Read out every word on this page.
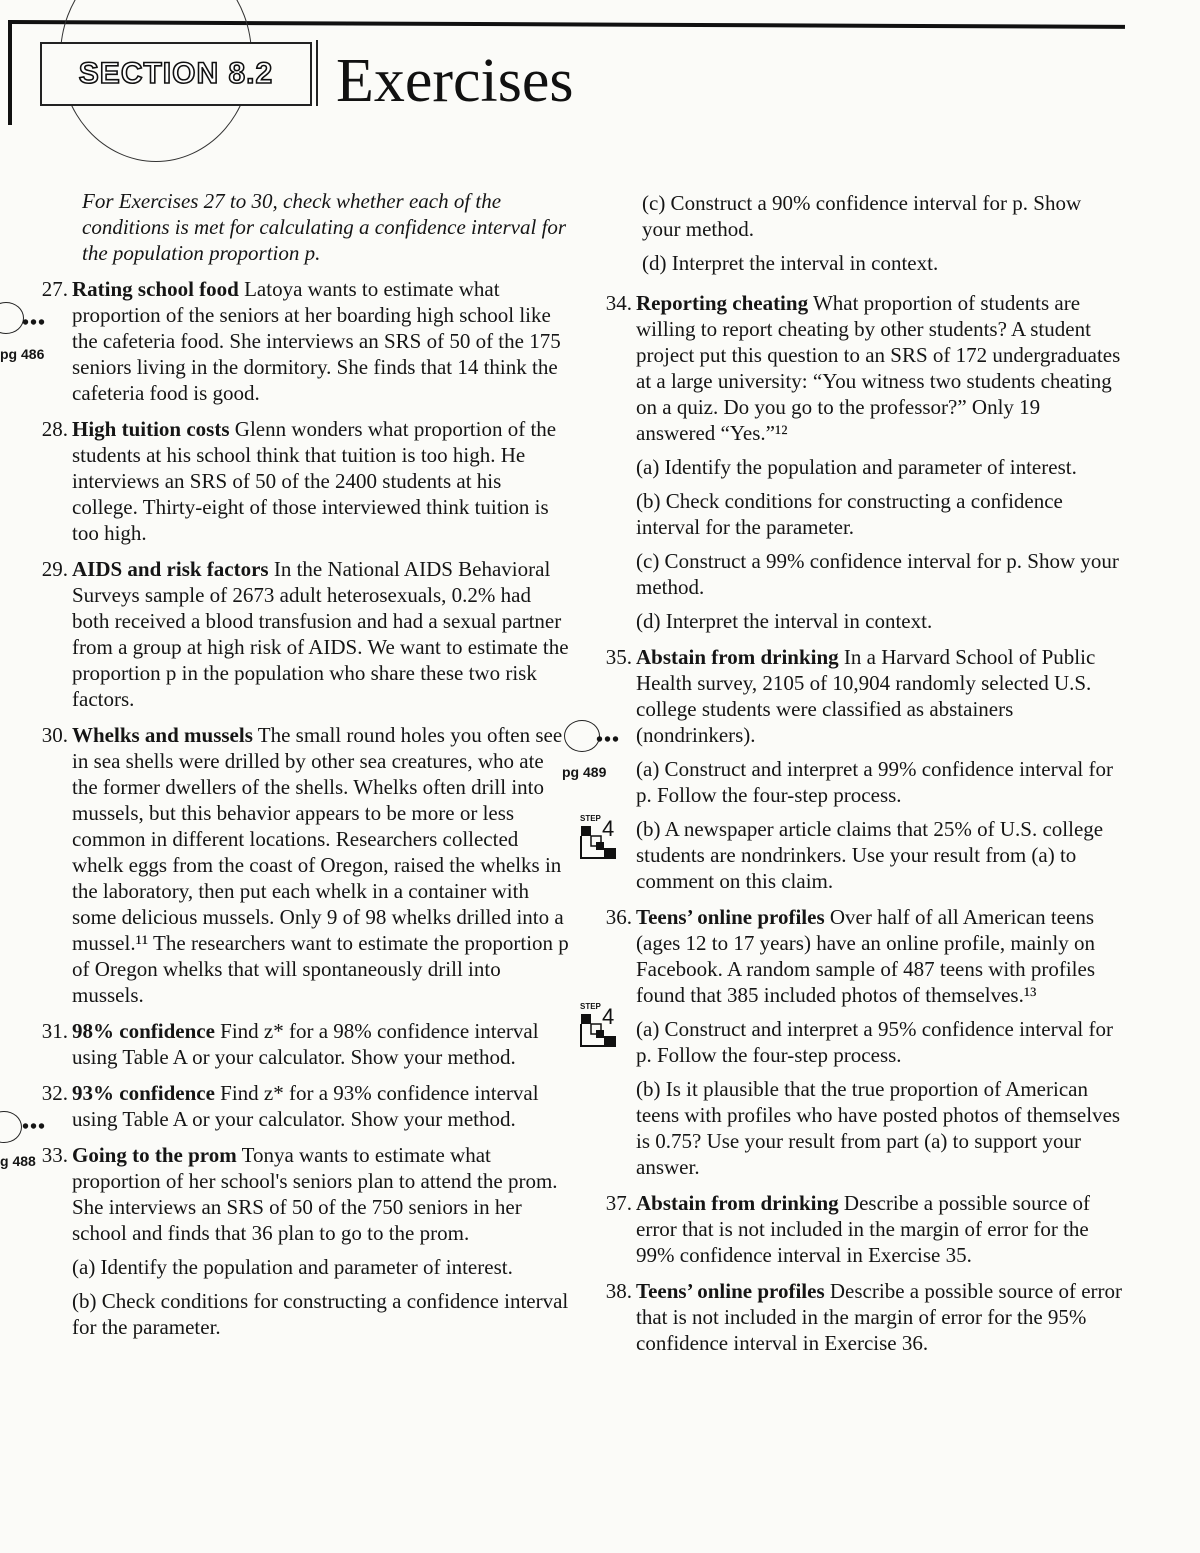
SECTION 8.2 Exercises
•••
pg 486
•••
g 488
•••
pg 489
STEP 4
STEP 4
For Exercises 27 to 30, check whether each of the conditions is met for calculating a confidence interval for the population proportion p.
27. Rating school food Latoya wants to estimate what proportion of the seniors at her boarding high school like the cafeteria food. She interviews an SRS of 50 of the 175 seniors living in the dormitory. She finds that 14 think the cafeteria food is good.
28. High tuition costs Glenn wonders what proportion of the students at his school think that tuition is too high. He interviews an SRS of 50 of the 2400 students at his college. Thirty-eight of those interviewed think tuition is too high.
29. AIDS and risk factors In the National AIDS Behavioral Surveys sample of 2673 adult heterosexuals, 0.2% had both received a blood transfusion and had a sexual partner from a group at high risk of AIDS. We want to estimate the proportion p in the population who share these two risk factors.
30. Whelks and mussels The small round holes you often see in sea shells were drilled by other sea creatures, who ate the former dwellers of the shells. Whelks often drill into mussels, but this behavior appears to be more or less common in different locations. Researchers collected whelk eggs from the coast of Oregon, raised the whelks in the laboratory, then put each whelk in a container with some delicious mussels. Only 9 of 98 whelks drilled into a mussel.¹¹ The researchers want to estimate the proportion p of Oregon whelks that will spontaneously drill into mussels.
31. 98% confidence Find z* for a 98% confidence interval using Table A or your calculator. Show your method.
32. 93% confidence Find z* for a 93% confidence interval using Table A or your calculator. Show your method.
33. Going to the prom Tonya wants to estimate what proportion of her school's seniors plan to attend the prom. She interviews an SRS of 50 of the 750 seniors in her school and finds that 36 plan to go to the prom.
(a) Identify the population and parameter of interest.
(b) Check conditions for constructing a confidence interval for the parameter.
(c) Construct a 90% confidence interval for p. Show your method.
(d) Interpret the interval in context.
34. Reporting cheating What proportion of students are willing to report cheating by other students? A student project put this question to an SRS of 172 undergraduates at a large university: “You witness two students cheating on a quiz. Do you go to the professor?” Only 19 answered “Yes.”¹²
(a) Identify the population and parameter of interest.
(b) Check conditions for constructing a confidence interval for the parameter.
(c) Construct a 99% confidence interval for p. Show your method.
(d) Interpret the interval in context.
35. Abstain from drinking In a Harvard School of Public Health survey, 2105 of 10,904 randomly selected U.S. college students were classified as abstainers (nondrinkers).
(a) Construct and interpret a 99% confidence interval for p. Follow the four-step process.
(b) A newspaper article claims that 25% of U.S. college students are nondrinkers. Use your result from (a) to comment on this claim.
36. Teens’ online profiles Over half of all American teens (ages 12 to 17 years) have an online profile, mainly on Facebook. A random sample of 487 teens with profiles found that 385 included photos of themselves.¹³
(a) Construct and interpret a 95% confidence interval for p. Follow the four-step process.
(b) Is it plausible that the true proportion of American teens with profiles who have posted photos of themselves is 0.75? Use your result from part (a) to support your answer.
37. Abstain from drinking Describe a possible source of error that is not included in the margin of error for the 99% confidence interval in Exercise 35.
38. Teens’ online profiles Describe a possible source of error that is not included in the margin of error for the 95% confidence interval in Exercise 36.
